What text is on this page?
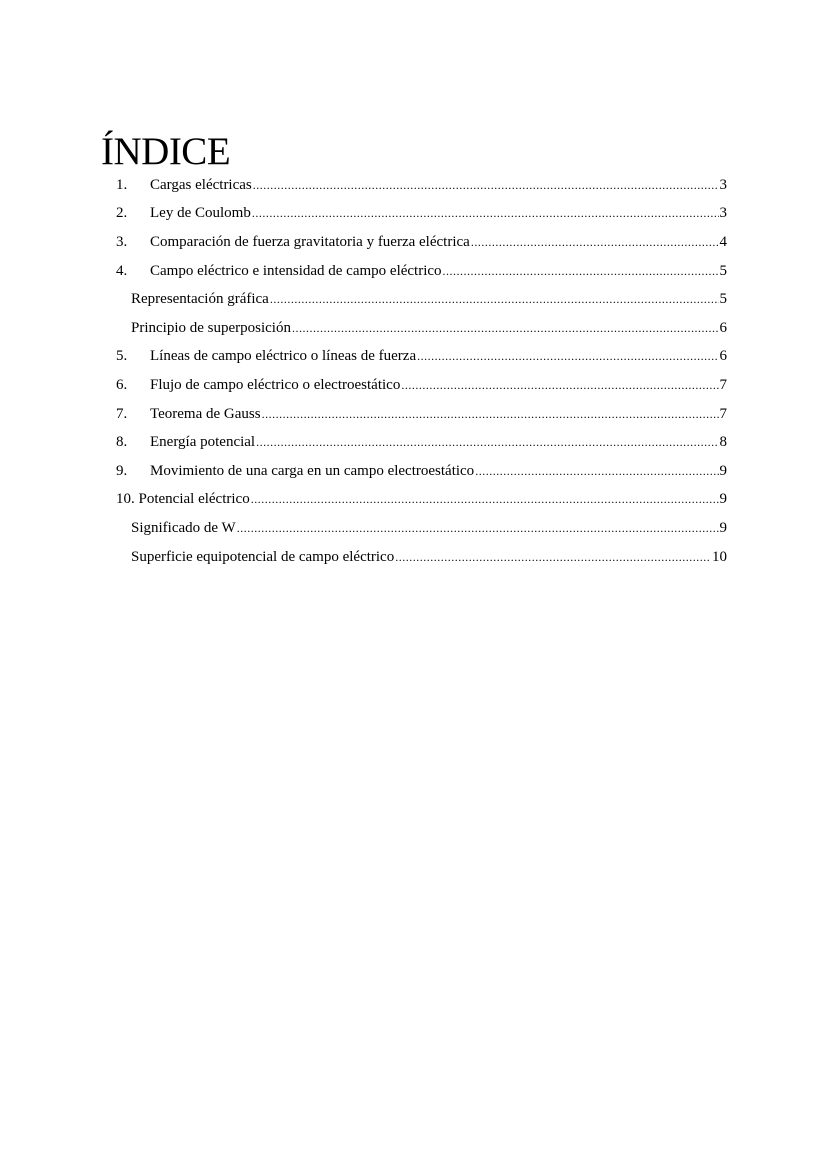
ÍNDICE
1. Cargas eléctricas .....	3
2. Ley de Coulomb .....	3
3. Comparación de fuerza gravitatoria y fuerza eléctrica .....	4
4. Campo eléctrico e intensidad de campo eléctrico .....	5
Representación gráfica .....	5
Principio de superposición .....	6
5. Líneas de campo eléctrico o líneas de fuerza .....	6
6. Flujo de campo eléctrico o electroestático .....	7
7. Teorema de Gauss .....	7
8. Energía potencial .....	8
9. Movimiento de una carga en un campo electroestático .....	9
10. Potencial eléctrico .....	9
Significado de W .....	9
Superficie equipotencial de campo eléctrico .....	10
